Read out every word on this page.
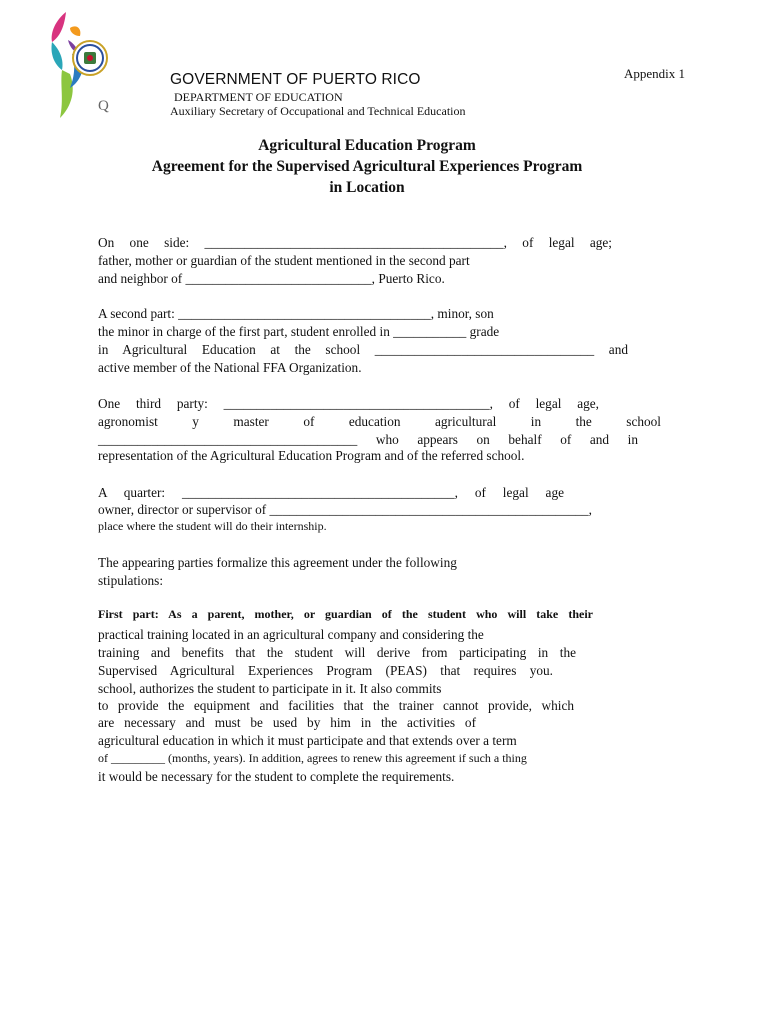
Q
Appendix 1
GOVERNMENT OF PUERTO RICO
DEPARTMENT OF EDUCATION
Auxiliary Secretary of Occupational and Technical Education
Agricultural Education Program
Agreement for the Supervised Agricultural Experiences Program
in Location
On one side: _____________________________________________, of legal age;
father, mother or guardian of the student mentioned in the second part
and neighbor of ____________________________, Puerto Rico.
A second part: ______________________________________, minor, son
the minor in charge of the first part, student enrolled in ___________ grade
in Agricultural Education at the school _________________________________ and
active member of the National FFA Organization.
One third party: ________________________________________, of legal age,
agronomist y master of education agricultural in the school
_______________________________________ who appears on behalf of and in
representation of the Agricultural Education Program and of the referred school.
A quarter: _________________________________________, of legal age
owner, director or supervisor of ________________________________________________,
place where the student will do their internship.
The appearing parties formalize this agreement under the following
stipulations:
First part: As a parent, mother, or guardian of the student who will take their
practical training located in an agricultural company and considering the
training and benefits that the student will derive from participating in the
Supervised Agricultural Experiences Program (PEAS) that requires you.
school, authorizes the student to participate in it. It also commits
to provide the equipment and facilities that the trainer cannot provide, which
are necessary and must be used by him in the activities of
agricultural education in which it must participate and that extends over a term
of _________ (months, years). In addition, agrees to renew this agreement if such a thing
it would be necessary for the student to complete the requirements.
